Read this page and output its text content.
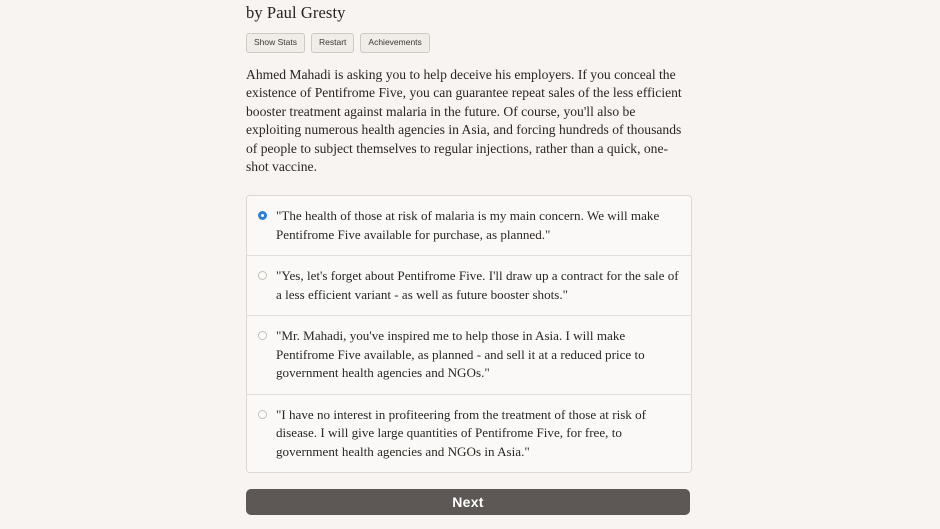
by Paul Gresty

Show Stats	Restart	Achievements

Ahmed Mahadi is asking you to help deceive his employers. If you conceal the existence of Pentifrome Five, you can guarantee repeat sales of the less efficient booster treatment against malaria in the future. Of course, you'll also be exploiting numerous health agencies in Asia, and forcing hundreds of thousands of people to subject themselves to regular injections, rather than a quick, one-shot vaccine.

"The health of those at risk of malaria is my main concern. We will make Pentifrome Five available for purchase, as planned."
"Yes, let's forget about Pentifrome Five. I'll draw up a contract for the sale of a less efficient variant - as well as future booster shots."
"Mr. Mahadi, you've inspired me to help those in Asia. I will make Pentifrome Five available, as planned - and sell it at a reduced price to government health agencies and NGOs."
"I have no interest in profiteering from the treatment of those at risk of disease. I will give large quantities of Pentifrome Five, for free, to government health agencies and NGOs in Asia."
Next
